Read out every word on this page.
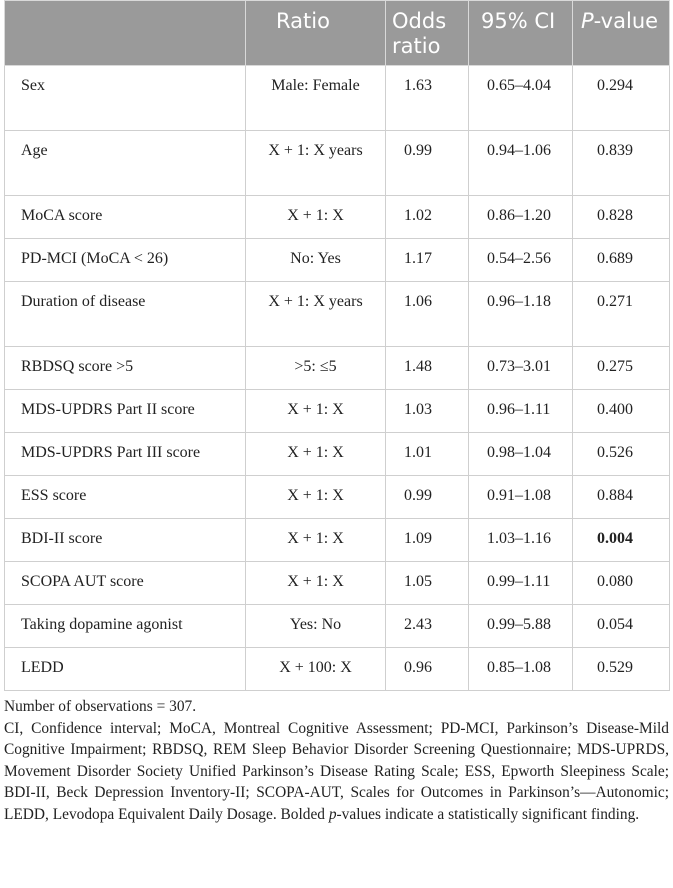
	Ratio	Odds ratio	95% CI	P-value
Sex	Male: Female	1.63	0.65–4.04	0.294
Age	X + 1: X years	0.99	0.94–1.06	0.839
MoCA score	X + 1: X	1.02	0.86–1.20	0.828
PD-MCI (MoCA < 26)	No: Yes	1.17	0.54–2.56	0.689
Duration of disease	X + 1: X years	1.06	0.96–1.18	0.271
RBDSQ score >5	>5: ≤5	1.48	0.73–3.01	0.275
MDS-UPDRS Part II score	X + 1: X	1.03	0.96–1.11	0.400
MDS-UPDRS Part III score	X + 1: X	1.01	0.98–1.04	0.526
ESS score	X + 1: X	0.99	0.91–1.08	0.884
BDI-II score	X + 1: X	1.09	1.03–1.16	0.004
SCOPA AUT score	X + 1: X	1.05	0.99–1.11	0.080
Taking dopamine agonist	Yes: No	2.43	0.99–5.88	0.054
LEDD	X + 100: X	0.96	0.85–1.08	0.529

Number of observations = 307.

CI, Confidence interval; MoCA, Montreal Cognitive Assessment; PD-MCI, Parkinson’s Disease-Mild Cognitive Impairment; RBDSQ, REM Sleep Behavior Disorder Screening Questionnaire; MDS-UPRDS, Movement Disorder Society Unified Parkinson’s Disease Rating Scale; ESS, Epworth Sleepiness Scale; BDI-II, Beck Depression Inventory-II; SCOPA-AUT, Scales for Outcomes in Parkinson’s—Autonomic; LEDD, Levodopa Equivalent Daily Dosage. Bolded p-values indicate a statistically significant finding.
